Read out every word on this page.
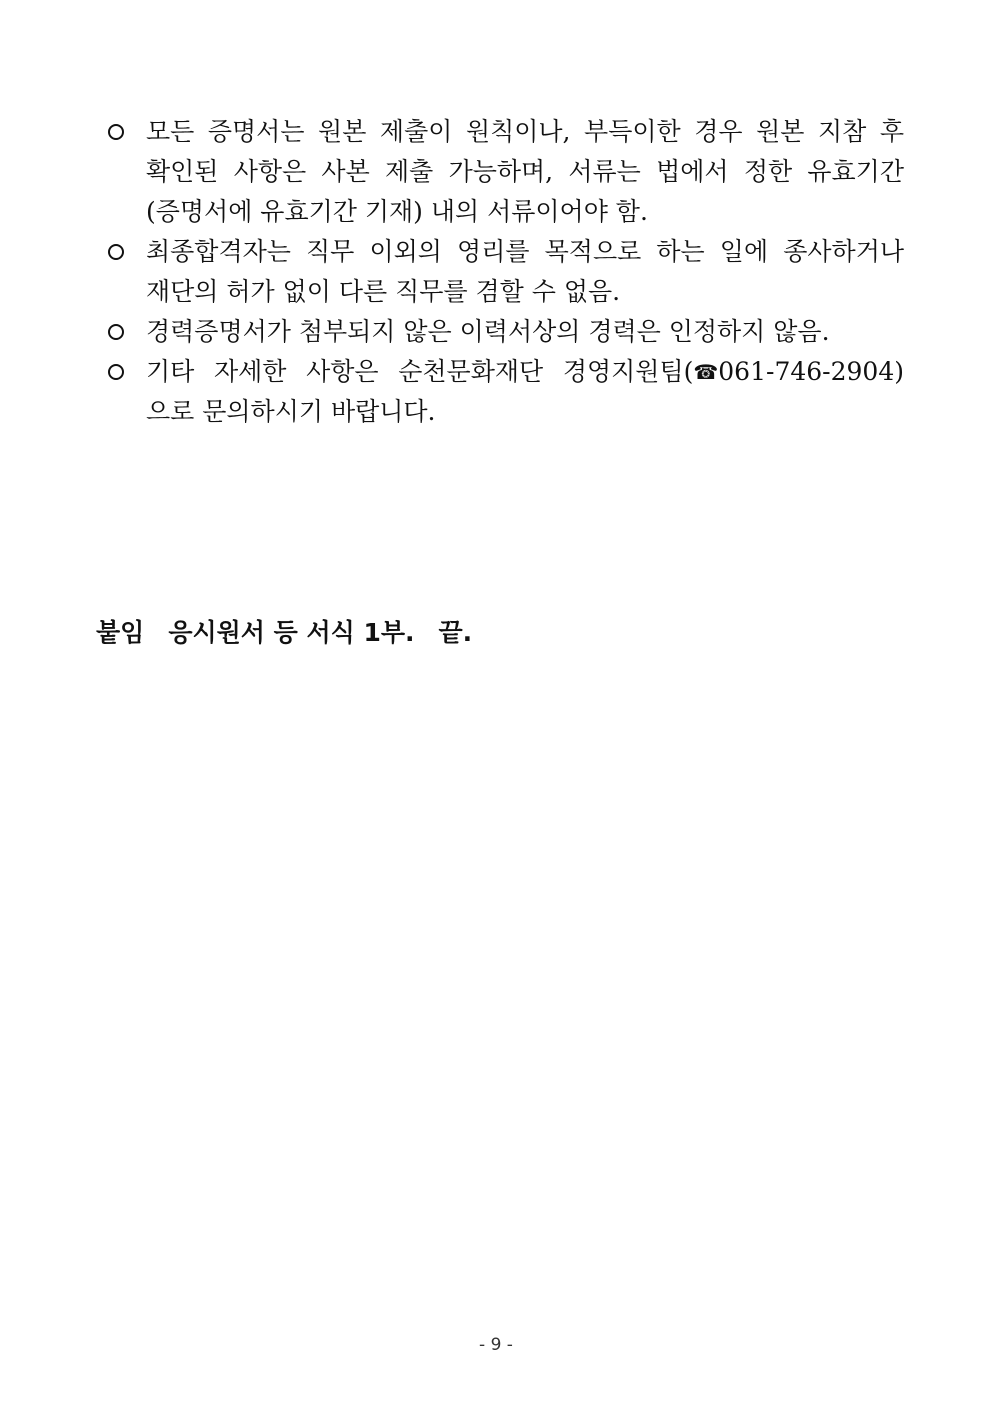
모든 증명서는 원본 제출이 원칙이나, 부득이한 경우 원본 지참 후 확인된 사항은 사본 제출 가능하며, 서류는 법에서 정한 유효기간 (증명서에 유효기간 기재) 내의 서류이어야 함.
최종합격자는 직무 이외의 영리를 목적으로 하는 일에 종사하거나 재단의 허가 없이 다른 직무를 겸할 수 없음.
경력증명서가 첨부되지 않은 이력서상의 경력은 인정하지 않음.
기타 자세한 사항은 순천문화재단 경영지원팀(☎061-746-2904)으로 문의하시기 바랍니다.
붙임 응시원서 등 서식 1부. 끝.
- 9 -
